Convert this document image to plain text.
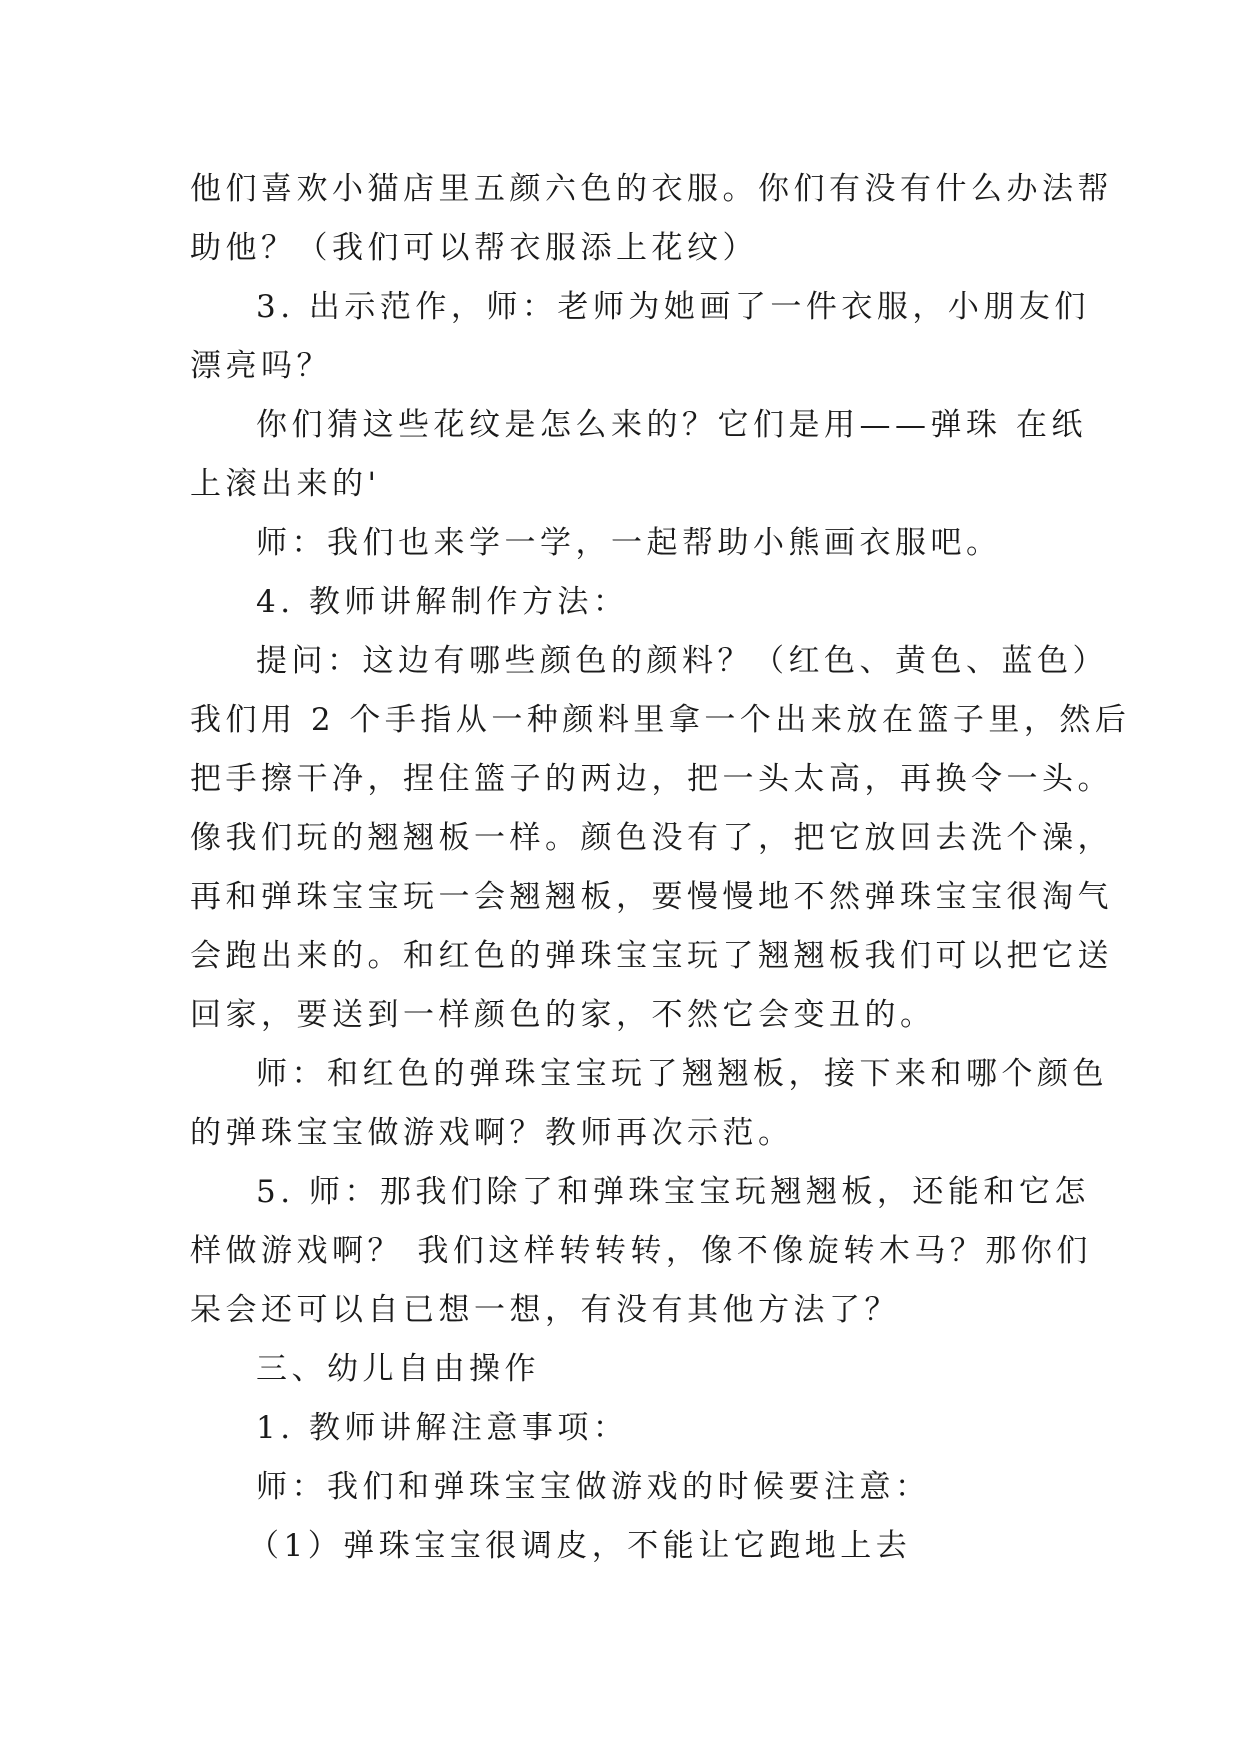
他们喜欢小猫店里五颜六色的衣服。你们有没有什么办法帮
助他？（我们可以帮衣服添上花纹）
3. 出示范作，师：老师为她画了一件衣服，小朋友们
漂亮吗？
你们猜这些花纹是怎么来的？它们是用——弹珠 在纸
上滚出来的'
师：我们也来学一学，一起帮助小熊画衣服吧。
4. 教师讲解制作方法：
提问：这边有哪些颜色的颜料？（红色、黄色、蓝色）
我们用 2 个手指从一种颜料里拿一个出来放在篮子里，然后
把手擦干净，捏住篮子的两边，把一头太高，再换令一头。
像我们玩的翘翘板一样。颜色没有了，把它放回去洗个澡，
再和弹珠宝宝玩一会翘翘板，要慢慢地不然弹珠宝宝很淘气
会跑出来的。和红色的弹珠宝宝玩了翘翘板我们可以把它送
回家，要送到一样颜色的家，不然它会变丑的。
师：和红色的弹珠宝宝玩了翘翘板，接下来和哪个颜色
的弹珠宝宝做游戏啊？教师再次示范。
5. 师：那我们除了和弹珠宝宝玩翘翘板，还能和它怎
样做游戏啊？ 我们这样转转转，像不像旋转木马？那你们
呆会还可以自已想一想，有没有其他方法了？
三、幼儿自由操作
1. 教师讲解注意事项：
师：我们和弹珠宝宝做游戏的时候要注意：
（1）弹珠宝宝很调皮，不能让它跑地上去
